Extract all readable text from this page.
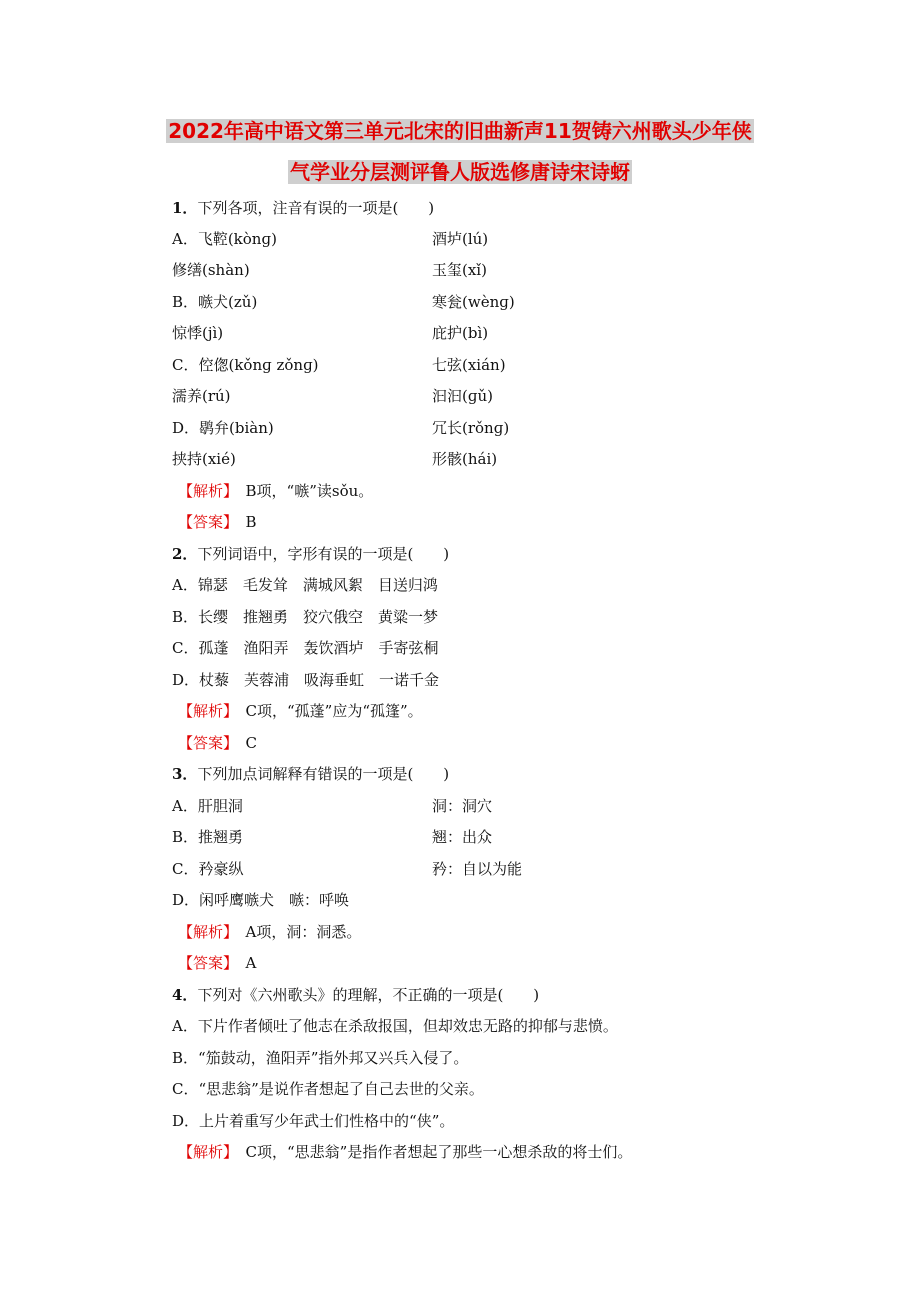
2022年高中语文第三单元北宋的旧曲新声11贺铸六州歌头少年侠
气学业分层测评鲁人版选修唐诗宋诗蚜
1．下列各项，注音有误的一项是(　　)
A．飞鞚(kònɡ)	酒垆(lú)
修缮(shàn)	玉玺(xǐ)
B．嗾犬(zǔ)	寒瓮(wènɡ)
惊悸(jì)	庇护(bì)
C．倥偬(kǒnɡ zǒnɡ)	七弦(xián)
濡养(rú)	汩汩(ɡǔ)
D．鹖弁(biàn)	冗长(rǒnɡ)
挟持(xié)	形骸(hái)
【解析】　 B项，“嗾”读sǒu。
【答案】　 B
2．下列词语中，字形有误的一项是(　　)
A．锦瑟　毛发耸　满城风絮　目送归鸿
B．长缨　推翘勇　狡穴俄空　黄粱一梦
C．孤蓬　渔阳弄　轰饮酒垆　手寄弦桐
D．杖藜　芙蓉浦　吸海垂虹　一诺千金
【解析】　 C项，“孤蓬”应为“孤篷”。
【答案】　 C
3．下列加点词解释有错误的一项是(　　)
A．肝胆洞	洞：洞穴
B．推翘勇	翘：出众
C．矜豪纵	矜：自以为能
D．闲呼鹰嗾犬　嗾：呼唤
【解析】　 A项，洞：洞悉。
【答案】　 A
4．下列对《六州歌头》的理解，不正确的一项是(　　)
A．下片作者倾吐了他志在杀敌报国，但却效忠无路的抑郁与悲愤。
B．“笳鼓动，渔阳弄”指外邦又兴兵入侵了。
C．“思悲翁”是说作者想起了自己去世的父亲。
D．上片着重写少年武士们性格中的“侠”。
【解析】　 C项，“思悲翁”是指作者想起了那些一心想杀敌的将士们。
